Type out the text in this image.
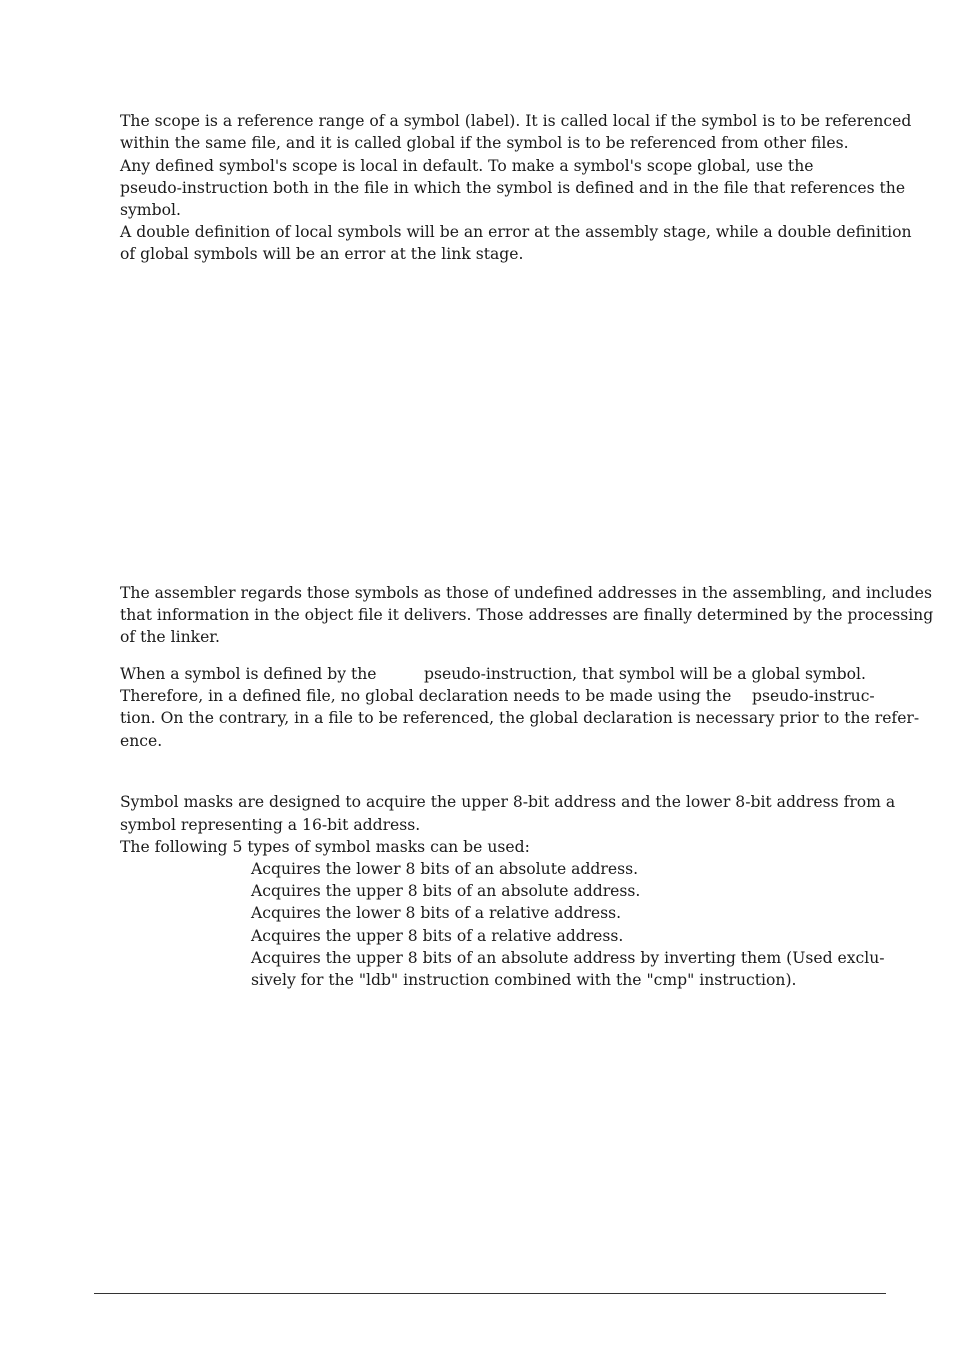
The scope is a reference range of a symbol (label). It is called local if the symbol is to be referenced
within the same file, and it is called global if the symbol is to be referenced from other files.
Any defined symbol's scope is local in default. To make a symbol's scope global, use the
pseudo-instruction both in the file in which the symbol is defined and in the file that references the
symbol.
A double definition of local symbols will be an error at the assembly stage, while a double definition
of global symbols will be an error at the link stage.
The assembler regards those symbols as those of undefined addresses in the assembling, and includes
that information in the object file it delivers. Those addresses are finally determined by the processing
of the linker.
When a symbol is defined by the	pseudo-instruction, that symbol will be a global symbol.
Therefore, in a defined file, no global declaration needs to be made using the pseudo-instruc-
tion. On the contrary, in a file to be referenced, the global declaration is necessary prior to the refer-
ence.
Symbol masks are designed to acquire the upper 8-bit address and the lower 8-bit address from a
symbol representing a 16-bit address.
The following 5 types of symbol masks can be used:
Acquires the lower 8 bits of an absolute address.
Acquires the upper 8 bits of an absolute address.
Acquires the lower 8 bits of a relative address.
Acquires the upper 8 bits of a relative address.
Acquires the upper 8 bits of an absolute address by inverting them (Used exclu-
sively for the "ldb" instruction combined with the "cmp" instruction).
